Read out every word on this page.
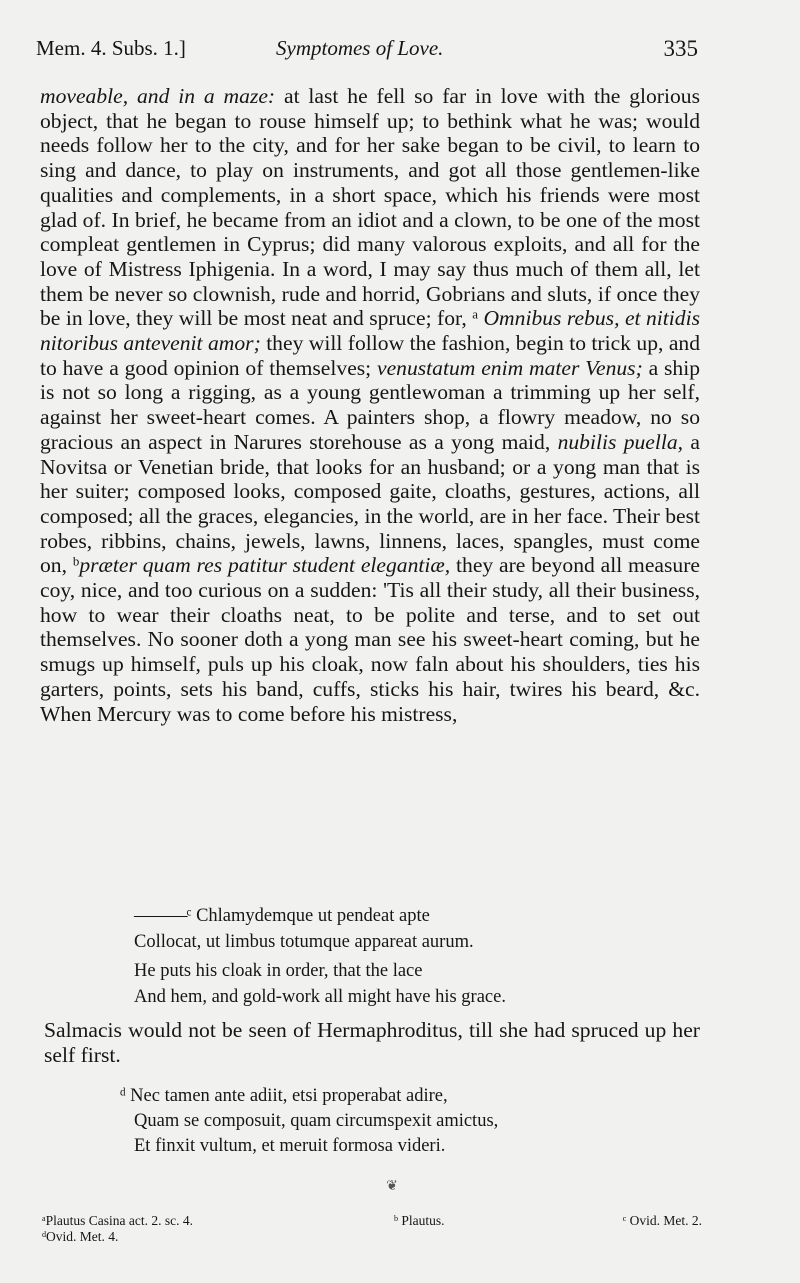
Mem. 4. Subs. 1.]	Symptomes of Love.	335
moveable, and in a maze: at last he fell so far in love with the glorious object, that he began to rouse himself up; to bethink what he was; would needs follow her to the city, and for her sake began to be civil, to learn to sing and dance, to play on instruments, and got all those gentlemen-like qualities and complements, in a short space, which his friends were most glad of. In brief, he became from an idiot and a clown, to be one of the most compleat gentlemen in Cyprus; did many valorous exploits, and all for the love of Mistress Iphigenia. In a word, I may say thus much of them all, let them be never so clownish, rude and horrid, Gobrians and sluts, if once they be in love, they will be most neat and spruce; for, $^a$ Omnibus rebus, et nitidis nitoribus antevenit amor; they will follow the fashion, begin to trick up, and to have a good opinion of themselves; venustatum enim mater Venus; a ship is not so long a rigging, as a young gentlewoman a trimming up her self, against her sweet-heart comes. A painters shop, a flowry meadow, no so gracious an aspect in Narures storehouse as a yong maid, nubilis puella, a Novitsa or Venetian bride, that looks for an husband; or a yong man that is her suiter; composed looks, composed gaite, cloaths, gestures, actions, all composed; all the graces, elegancies, in the world, are in her face. Their best robes, ribbins, chains, jewels, lawns, linnens, laces, spangles, must come on, $^b$præter quam res patitur student elegantiæ, they are beyond all measure coy, nice, and too curious on a sudden: 'Tis all their study, all their business, how to wear their cloaths neat, to be polite and terse, and to set out themselves. No sooner doth a yong man see his sweet-heart coming, but he smugs up himself, puls up his cloak, now faln about his shoulders, ties his garters, points, sets his band, cuffs, sticks his hair, twires his beard, &c. When Mercury was to come before his mistress,
———$^c$ Chlamydemque ut pendeat apte
Collocat, ut limbus totumque appareat aurum.
He puts his cloak in order, that the lace
And hem, and gold-work all might have his grace.
Salmacis would not be seen of Hermaphroditus, till she had spruced up her self first.
$^d$ Nec tamen ante adiit, etsi properabat adire,
Quam se composuit, quam circumspexit amictus,
Et finxit vultum, et meruit formosa videri.
❦
$^a$Plautus Casina act. 2. sc. 4.	$^b$ Plautus.	$^c$ Ovid. Met. 2.
$^d$Ovid. Met. 4.
